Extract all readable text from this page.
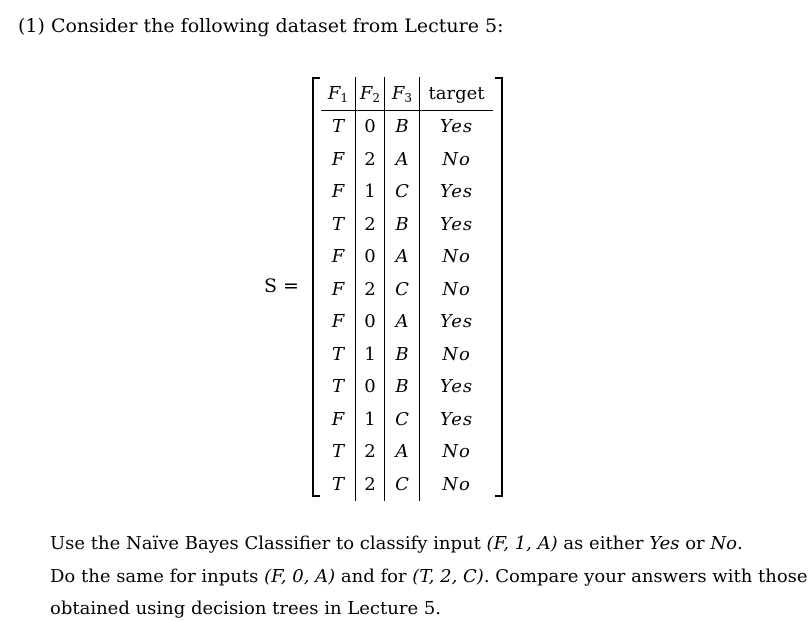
(1) Consider the following dataset from Lecture 5:
S =
$F_1$	$F_2$	$F_3$	target
T	0	B	Yes
F	2	A	No
F	1	C	Yes
T	2	B	Yes
F	0	A	No
F	2	C	No
F	0	A	Yes
T	1	B	No
T	0	B	Yes
F	1	C	Yes
T	2	A	No
T	2	C	No
Use the Naïve Bayes Classifier to classify input (F, 1, A) as either Yes or No.
Do the same for inputs (F, 0, A) and for (T, 2, C). Compare your answers with those
obtained using decision trees in Lecture 5.
